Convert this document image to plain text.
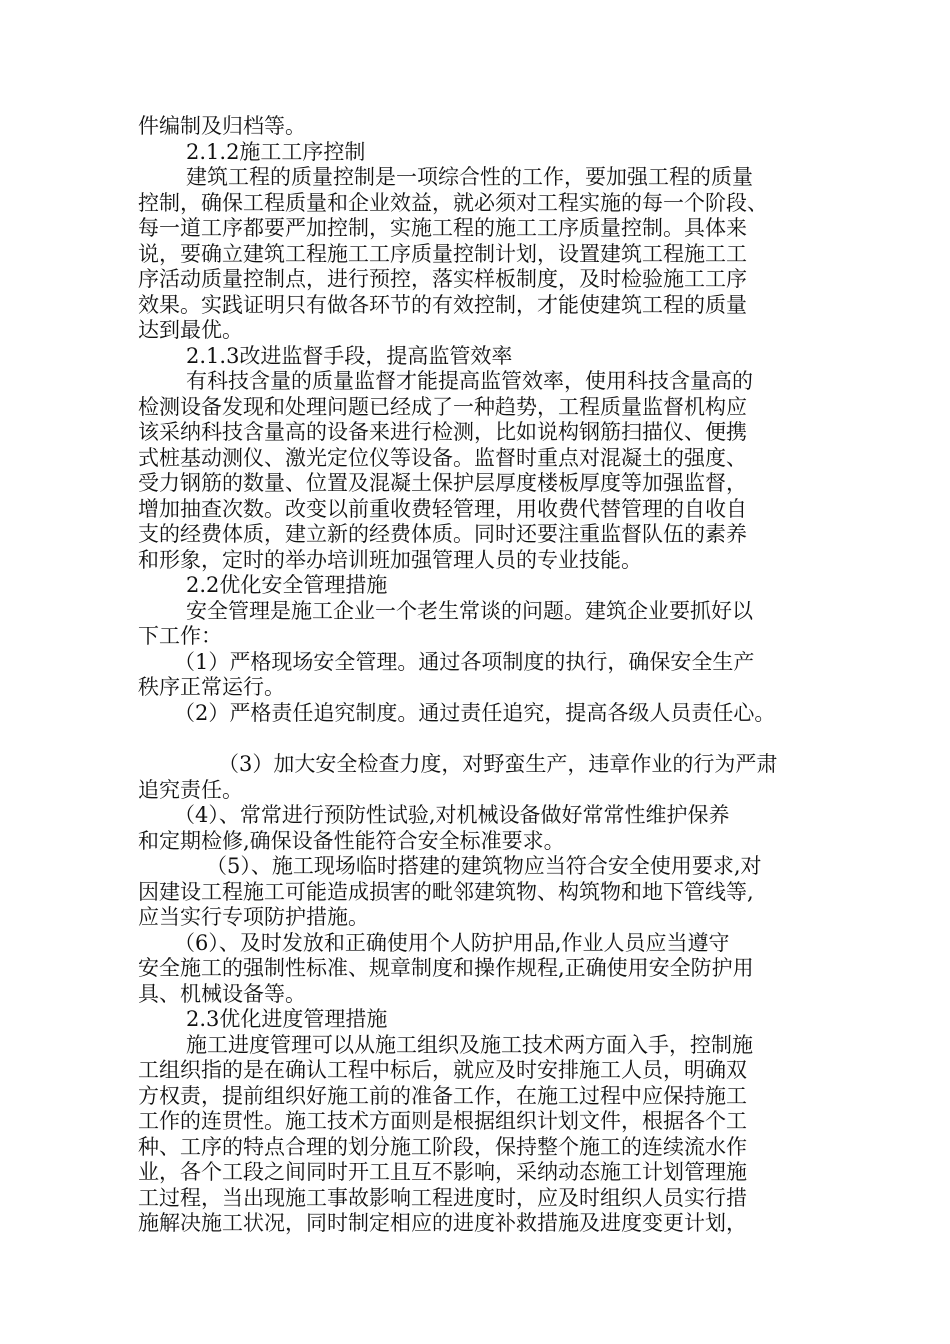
件编制及归档等。

2.1.2施工工序控制

建筑工程的质量控制是一项综合性的工作，要加强工程的质量
控制，确保工程质量和企业效益，就必须对工程实施的每一个阶段、
每一道工序都要严加控制，实施工程的施工工序质量控制。具体来
说，要确立建筑工程施工工序质量控制计划，设置建筑工程施工工
序活动质量控制点，进行预控，落实样板制度，及时检验施工工序
效果。实践证明只有做各环节的有效控制，才能使建筑工程的质量
达到最优。

2.1.3改进监督手段，提高监管效率

有科技含量的质量监督才能提高监管效率，使用科技含量高的
检测设备发现和处理问题已经成了一种趋势，工程质量监督机构应
该采纳科技含量高的设备来进行检测，比如说构钢筋扫描仪、便携
式桩基动测仪、激光定位仪等设备。监督时重点对混凝土的强度、
受力钢筋的数量、位置及混凝土保护层厚度楼板厚度等加强监督，
增加抽查次数。改变以前重收费轻管理，用收费代替管理的自收自
支的经费体质，建立新的经费体质。同时还要注重监督队伍的素养
和形象，定时的举办培训班加强管理人员的专业技能。

2.2优化安全管理措施

安全管理是施工企业一个老生常谈的问题。建筑企业要抓好以
下工作：

（1）严格现场安全管理。通过各项制度的执行，确保安全生产
秩序正常运行。

（2）严格责任追究制度。通过责任追究，提高各级人员责任心。

（3）加大安全检查力度，对野蛮生产，违章作业的行为严肃
追究责任。

（4）、常常进行预防性试验,对机械设备做好常常性维护保养
和定期检修,确保设备性能符合安全标准要求。

（5）、施工现场临时搭建的建筑物应当符合安全使用要求,对
因建设工程施工可能造成损害的毗邻建筑物、构筑物和地下管线等,
应当实行专项防护措施。

（6）、及时发放和正确使用个人防护用品,作业人员应当遵守
安全施工的强制性标准、规章制度和操作规程,正确使用安全防护用
具、机械设备等。

2.3优化进度管理措施

施工进度管理可以从施工组织及施工技术两方面入手，控制施
工组织指的是在确认工程中标后，就应及时安排施工人员，明确双
方权责，提前组织好施工前的准备工作，在施工过程中应保持施工
工作的连贯性。施工技术方面则是根据组织计划文件，根据各个工
种、工序的特点合理的划分施工阶段，保持整个施工的连续流水作
业，各个工段之间同时开工且互不影响，采纳动态施工计划管理施
工过程，当出现施工事故影响工程进度时，应及时组织人员实行措
施解决施工状况，同时制定相应的进度补救措施及进度变更计划，
